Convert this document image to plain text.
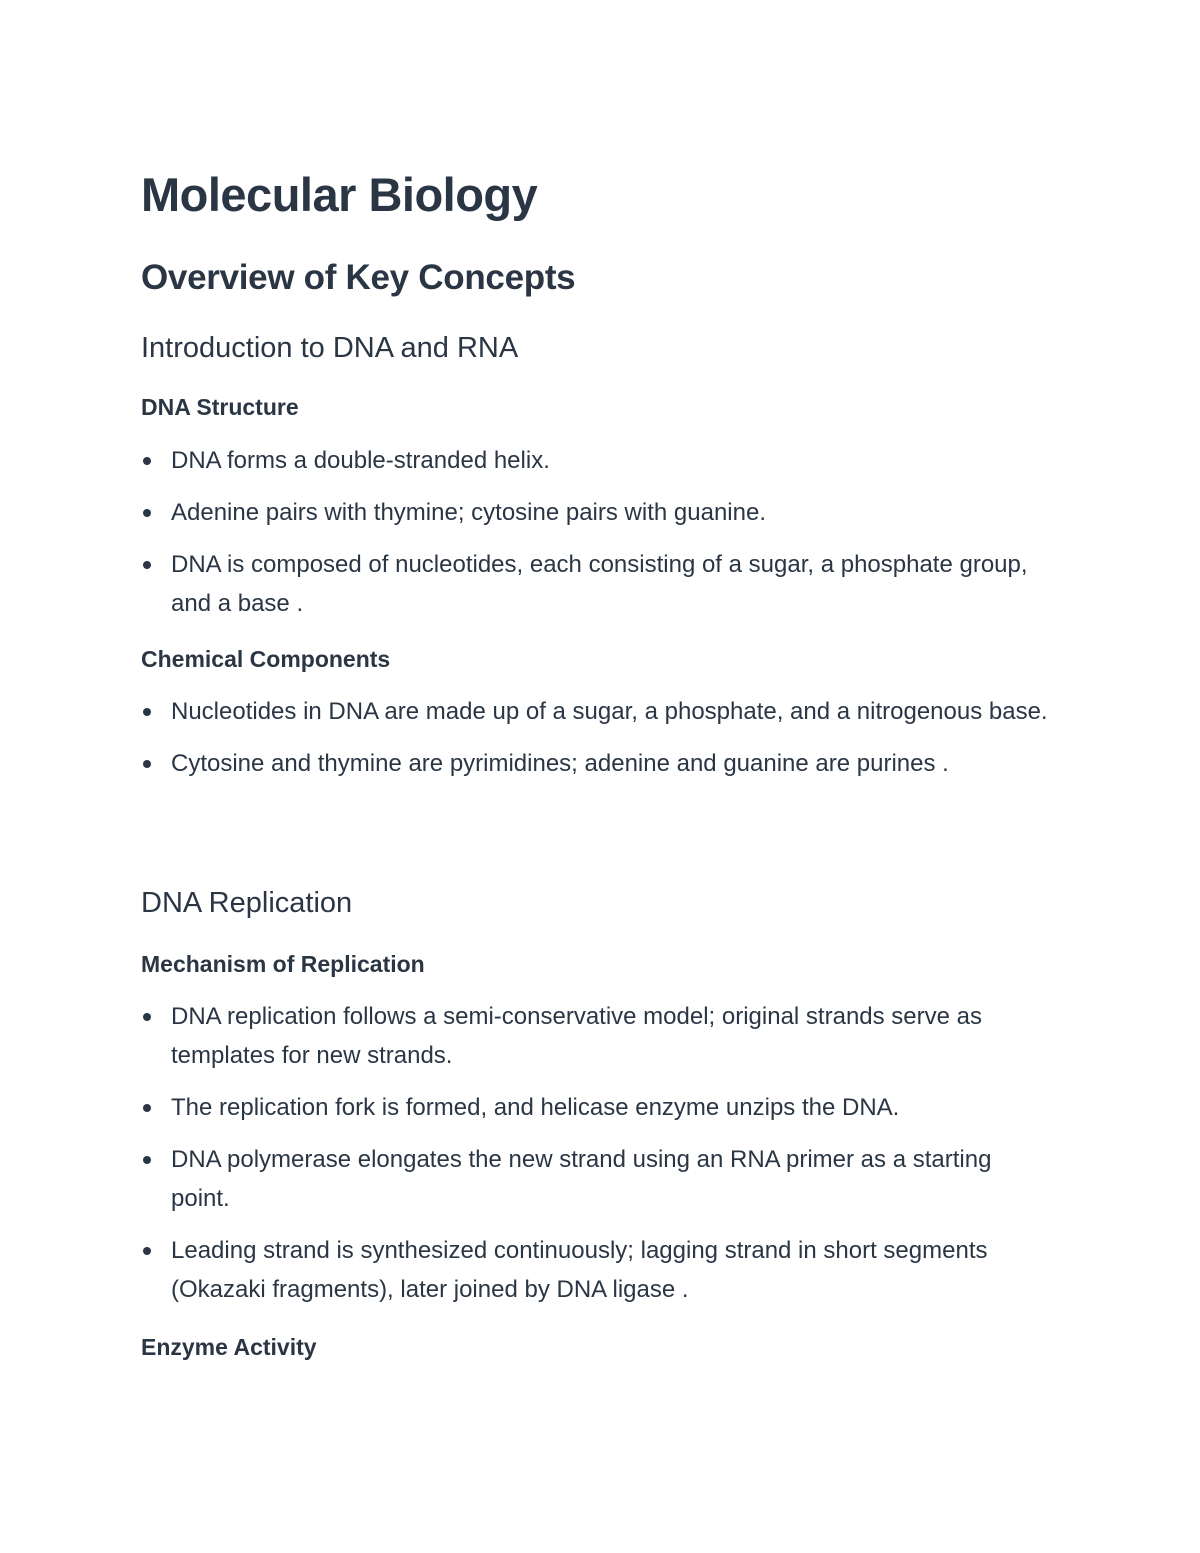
Molecular Biology
Overview of Key Concepts
Introduction to DNA and RNA
DNA Structure
DNA forms a double-stranded helix.
Adenine pairs with thymine; cytosine pairs with guanine.
DNA is composed of nucleotides, each consisting of a sugar, a phosphate group, and a base .
Chemical Components
Nucleotides in DNA are made up of a sugar, a phosphate, and a nitrogenous base.
Cytosine and thymine are pyrimidines; adenine and guanine are purines .
DNA Replication
Mechanism of Replication
DNA replication follows a semi-conservative model; original strands serve as templates for new strands.
The replication fork is formed, and helicase enzyme unzips the DNA.
DNA polymerase elongates the new strand using an RNA primer as a starting point.
Leading strand is synthesized continuously; lagging strand in short segments (Okazaki fragments), later joined by DNA ligase .
Enzyme Activity
